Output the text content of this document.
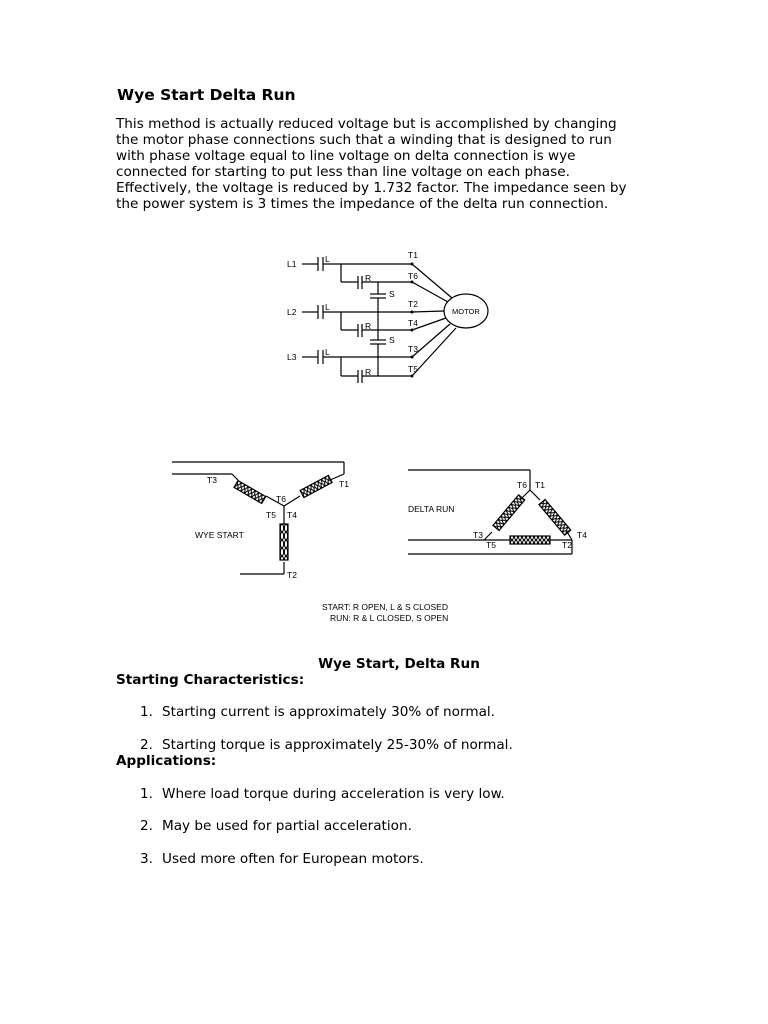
Wye Start Delta Run

This method is actually reduced voltage but is accomplished by changing
the motor phase connections such that a winding that is designed to run
with phase voltage equal to line voltage on delta connection is wye
connected for starting to put less than line voltage on each phase.
Effectively, the voltage is reduced by 1.732 factor. The impedance seen by
the power system is 3 times the impedance of the delta run connection.

L1
L2
L3
L
L
L
R
R
R
S
S
T1
T6
T2
T4
T3
T5
MOTOR
T3
T6
T1
T5 T4
T2
WYE START
T6 T1
T3
T5	T2
T4
DELTA RUN
START: R OPEN, L & S CLOSED
RUN: R & L CLOSED, S OPEN
Wye Start, Delta Run
Starting Characteristics:
1. Starting current is approximately 30% of normal.
2. Starting torque is approximately 25-30% of normal.
Applications:
1. Where load torque during acceleration is very low.
2. May be used for partial acceleration.
3. Used more often for European motors.
